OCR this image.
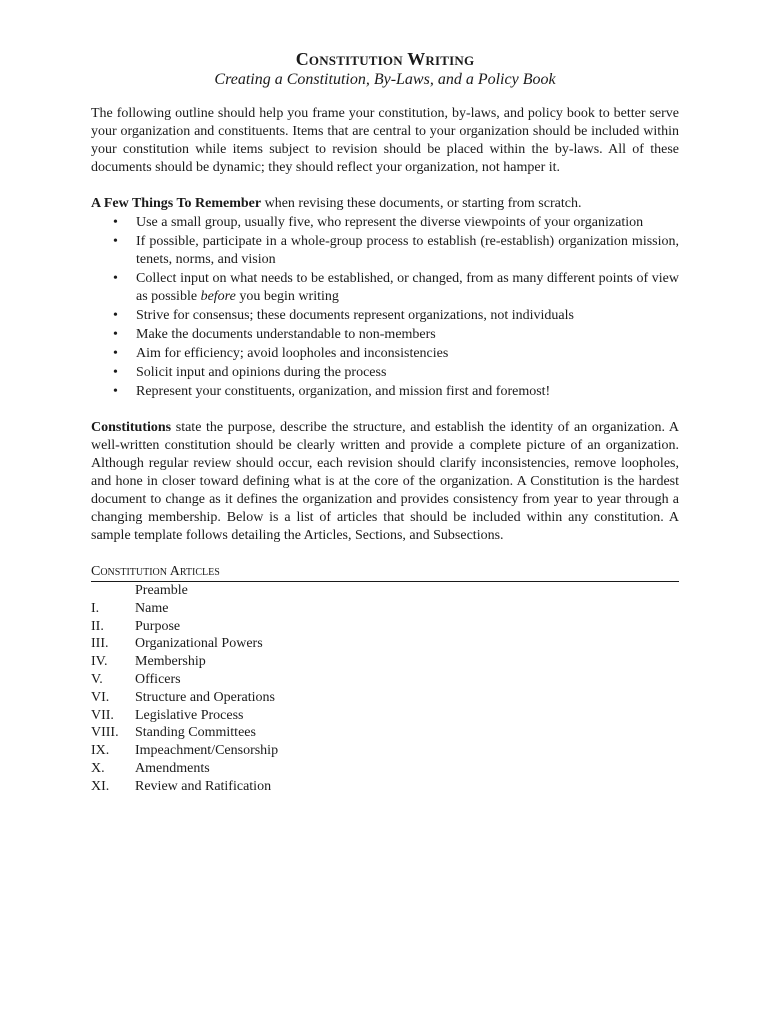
Constitution Writing

Creating a Constitution, By-Laws, and a Policy Book

The following outline should help you frame your constitution, by-laws, and policy book to better serve your organization and constituents. Items that are central to your organization should be included within your constitution while items subject to revision should be placed within the by-laws. All of these documents should be dynamic; they should reflect your organization, not hamper it.

A Few Things To Remember when revising these documents, or starting from scratch.

• Use a small group, usually five, who represent the diverse viewpoints of your organization
• If possible, participate in a whole-group process to establish (re-establish) organization mission, tenets, norms, and vision
• Collect input on what needs to be established, or changed, from as many different points of view as possible before you begin writing
• Strive for consensus; these documents represent organizations, not individuals
• Make the documents understandable to non-members
• Aim for efficiency; avoid loopholes and inconsistencies
• Solicit input and opinions during the process
• Represent your constituents, organization, and mission first and foremost!

Constitutions state the purpose, describe the structure, and establish the identity of an organization. A well-written constitution should be clearly written and provide a complete picture of an organization. Although regular review should occur, each revision should clarify inconsistencies, remove loopholes, and hone in closer toward defining what is at the core of the organization. A Constitution is the hardest document to change as it defines the organization and provides consistency from year to year through a changing membership. Below is a list of articles that should be included within any constitution. A sample template follows detailing the Articles, Sections, and Subsections.

Constitution Articles
Preamble
I.	Name
II.	Purpose
III.	Organizational Powers
IV.	Membership
V.	Officers
VI.	Structure and Operations
VII.	Legislative Process
VIII.	Standing Committees
IX.	Impeachment/Censorship
X.	Amendments
XI.	Review and Ratification
